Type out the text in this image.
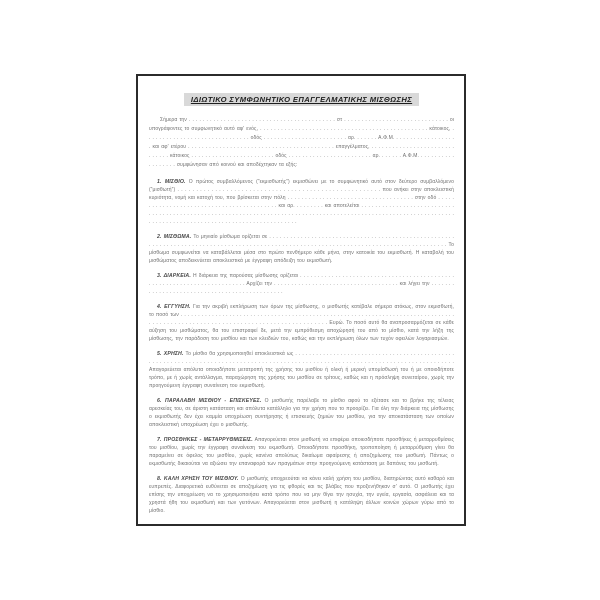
ΙΔΙΩΤΙΚΟ ΣΥΜΦΩΝΗΤΙΚΟ ΕΠΑΓΓΕΛΜΑΤΙΚΗΣ ΜΙΣΘΩΣΗΣ

Σήμερα την . . . . . . . . . . . . . . . . . . . . . . . . . . . . . . . . . . . . . . . . . . στ . . . . . . . . . . . . . . . . . . . . . . . . . . . . . . οι υπογράφοντες το συμφωνητικό αυτό αφ' ενός, . . . . . . . . . . . . . . . . . . . . . . . . . . . . . . . . . . . . . . . . . . . . . . . . κάτοικος, . . . . . . . . . . . . . . . . . . . . . . . . . . . . . . οδός . . . . . . . . . . . . . . . . . . . . . . . . αρ. . . . . . . Α.Φ.Μ. . . . . . . . . . . . . . . . . . . και αφ' ετέρου . . . . . . . . . . . . . . . . . . . . . . . . . . . . . . . . . . . . . . . . . . επαγγέλματος, . . . . . . . . . . . . . . . . . . . . . . . . . . . . . . κάτοικος . . . . . . . . . . . . . . . . . . . . . . . . οδός . . . . . . . . . . . . . . . . . . . . . . . . αρ. . . . . . . Α.Φ.Μ. . . . . . . . . . . . . . . . . . . συμφώνησαν από κοινού και αποδέχτηκαν τα εξής:

1. ΜΙΣΘΙΟ. Ο πρώτος συμβαλλόμενος (“εκμισθωτής”) εκμισθώνει με το συμφωνητικό αυτό στον δεύτερο συμβαλλόμενο (“μισθωτή”) . . . . . . . . . . . . . . . . . . . . . . . . . . . . . . . . . . . . . . . . . . . . . . . . . . . . . . που ανήκει στην αποκλειστική κυριότητα, νομή και κατοχή του, που βρίσκεται στην πόλη . . . . . . . . . . . . . . . . . . . . . . . . . . . . . . . . . . . . στην οδό . . . . . . . . . . . . . . . . . . . . . . . . . . . . . . . . . . . . . . . . . . και αρ. . . . . . . . . και αποτελείται . . . . . . . . . . . . . . . . . . . . . . . . . . . . . . . . . . . . . . . . . . . . . . . . . . . . . . . . . . . . . . . . . . . . . . . . . . . . . . . . . . . . . . . . . . . . . . . . . . . . . . . . . . . . . . . . . . . . . . . . . . . . . . . . . . . . . . . . . . . . . . . . . . . . . . . . . . . . . .

2. ΜΙΣΘΩΜΑ. Το μηνιαίο μίσθωμα ορίζεται σε . . . . . . . . . . . . . . . . . . . . . . . . . . . . . . . . . . . . . . . . . . . . . . . . . . . . . . . . . . . . . . . . . . . . . . . . . . . . . . . . . . . . . . . . . . . . . . . . . . . . . . . . . . . . . . . . . . . . . . . . . . . . . . . . . . . . . . . . Το μίσθωμα συμφωνείται να καταβάλλεται μέσα στο πρώτο πενθήμερο κάθε μήνα, στην κατοικία του εκμισθωτή. Η καταβολή του μισθώματος αποδεικνύεται αποκλειστικά με έγγραφη απόδειξη του εκμισθωτή.

3. ΔΙΑΡΚΕΙΑ. Η διάρκεια της παρούσας μίσθωσης ορίζεται . . . . . . . . . . . . . . . . . . . . . . . . . . . . . . . . . . . . . . . . . . . . . . . . . . . . . . . . . . . . . . . . . . . . . . . . Αρχίζει την . . . . . . . . . . . . . . . . . . . . . . . . . . . . . . . . . . . . και λήγει την . . . . . . . . . . . . . . . . . . . . . . . . . . . . . . . . . . . . . . . . . . . . . .

4. ΕΓΓΥΗΣΗ. Για την ακριβή εκπλήρωση των όρων της μίσθωσης, ο μισθωτής κατέβαλε σήμερα ατόκως, στον εκμισθωτή, το ποσό των . . . . . . . . . . . . . . . . . . . . . . . . . . . . . . . . . . . . . . . . . . . . . . . . . . . . . . . . . . . . . . . . . . . . . . . . . . . . . . . . . . . . . . . . . . . . . . . . . . . . . . . . . . . . . . . . . . . . . . . . . . . . . . . . Ευρώ. Το ποσό αυτό θα αναπροσαρμόζεται σε κάθε αύξηση του μισθώματος, θα του επιστραφεί δε, μετά την εμπρόθεσμη αποχώρησή του από το μίσθιο, κατά την λήξη της μίσθωσης, την παράδοση του μισθίου και των κλειδιών του, καθώς και την εκπλήρωση όλων των τυχόν οφειλών λογαριασμών.

5. ΧΡΗΣΗ. Το μίσθιο θα χρησιμοποιηθεί αποκλειστικά ως . . . . . . . . . . . . . . . . . . . . . . . . . . . . . . . . . . . . . . . . . . . . . . . . . . . . . . . . . . . . . . . . . . . . . . . . . . . . . . . . . . . . . . . . . . . . . . . . . . . . . . . . . . . . . . . . . . . . . . . . . . . . . . . . . . Απαγορεύεται απόλυτα οποιαδήποτε μετατροπή της χρήσης του μισθίου ή ολική ή μερική υπομίσθωσή του ή με οποιοδήποτε τρόπο, με ή χωρίς αντάλλαγμα, παραχώρηση της χρήσης του μισθίου σε τρίτους, καθώς και η πρόσληψη συνεταίρου, χωρίς την προηγούμενη έγγραφη συναίνεση του εκμισθωτή.

6. ΠΑΡΑΛΑΒΗ ΜΙΣΘΙΟΥ - ΕΠΙΣΚΕΥΕΣ. Ο μισθωτής παρέλαβε το μίσθιο αφού το εξέτασε και το βρήκε της τέλειας αρεσκείας του, σε άριστη κατάσταση και απόλυτα κατάλληλο για την χρήση που το προορίζει. Για όλη την διάρκεια της μίσθωσης ο εκμισθωτής δεν έχει καμμία υποχρέωση συντήρησης ή επισκευής ζημιών του μισθίου, για την αποκατάσταση των οποίων αποκλειστική υποχρέωση έχει ο μισθωτής.

7. ΠΡΟΣΘΗΚΕΣ - ΜΕΤΑΡΡΥΘΜΙΣΕΙΣ. Απαγορεύεται στον μισθωτή να επιφέρει οποιεσδήποτε προσθήκες ή μεταρρυθμίσεις του μισθίου, χωρίς την έγγραφη συναίνεση του εκμισθωτή. Οποιαδήποτε προσθήκη, τροποποίηση ή μεταρρύθμιση γίνει θα παραμείνει σε όφελος του μισθίου, χωρίς κανένα απολύτως δικαίωμα αφαίρεσης ή αποζημίωσης του μισθωτή. Πάντως ο εκμισθωτής δικαιούται να αξιώσει την επαναφορά των πραγμάτων στην προηγούμενη κατάσταση με δαπάνες του μισθωτή.

8. ΚΑΛΗ ΧΡΗΣΗ ΤΟΥ ΜΙΣΘΙΟΥ. Ο μισθωτής υποχρεούται να κάνει καλή χρήση του μισθίου, διατηρώντας αυτό καθαρό και ευπρεπές. Διαφορετικά ευθύνεται σε αποζημίωση για τις φθορές και τις βλάβες που προξενήθηκαν σ' αυτό. Ο μισθωτής έχει επίσης την υποχρέωση να το χρησιμοποιήσει κατά τρόπο που να μην θίγει την ησυχία, την υγεία, εργασία, ασφάλεια και τα χρηστά ήθη του εκμισθωτή και των γειτόνων. Απαγορεύεται στον μισθωτή η κατάληψη άλλων κοινών χώρων γύρω από το μίσθιο.
